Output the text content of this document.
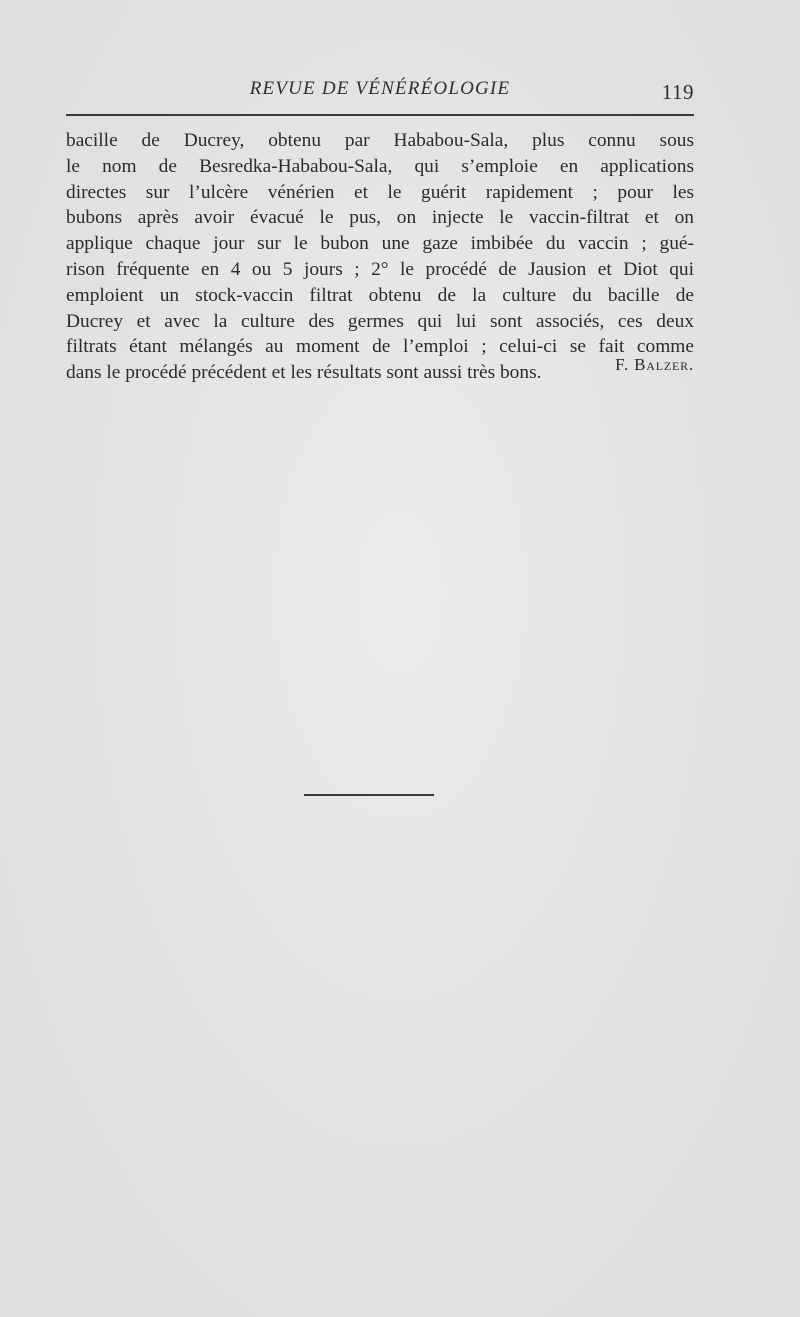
REVUE DE VÉNÉRÉOLOGIE	119
bacille de Ducrey, obtenu par Hababou-Sala, plus connu sous
le nom de Besredka-Hababou-Sala, qui s’emploie en applications
directes sur l’ulcère vénérien et le guérit rapidement ; pour les
bubons après avoir évacué le pus, on injecte le vaccin-filtrat et on
applique chaque jour sur le bubon une gaze imbibée du vaccin ; gué-
rison fréquente en 4 ou 5 jours ; 2° le procédé de Jausion et Diot qui
emploient un stock-vaccin filtrat obtenu de la culture du bacille de
Ducrey et avec la culture des germes qui lui sont associés, ces deux
filtrats étant mélangés au moment de l’emploi ; celui-ci se fait comme
dans le procédé précédent et les résultats sont aussi très bons.	F. Balzer.
